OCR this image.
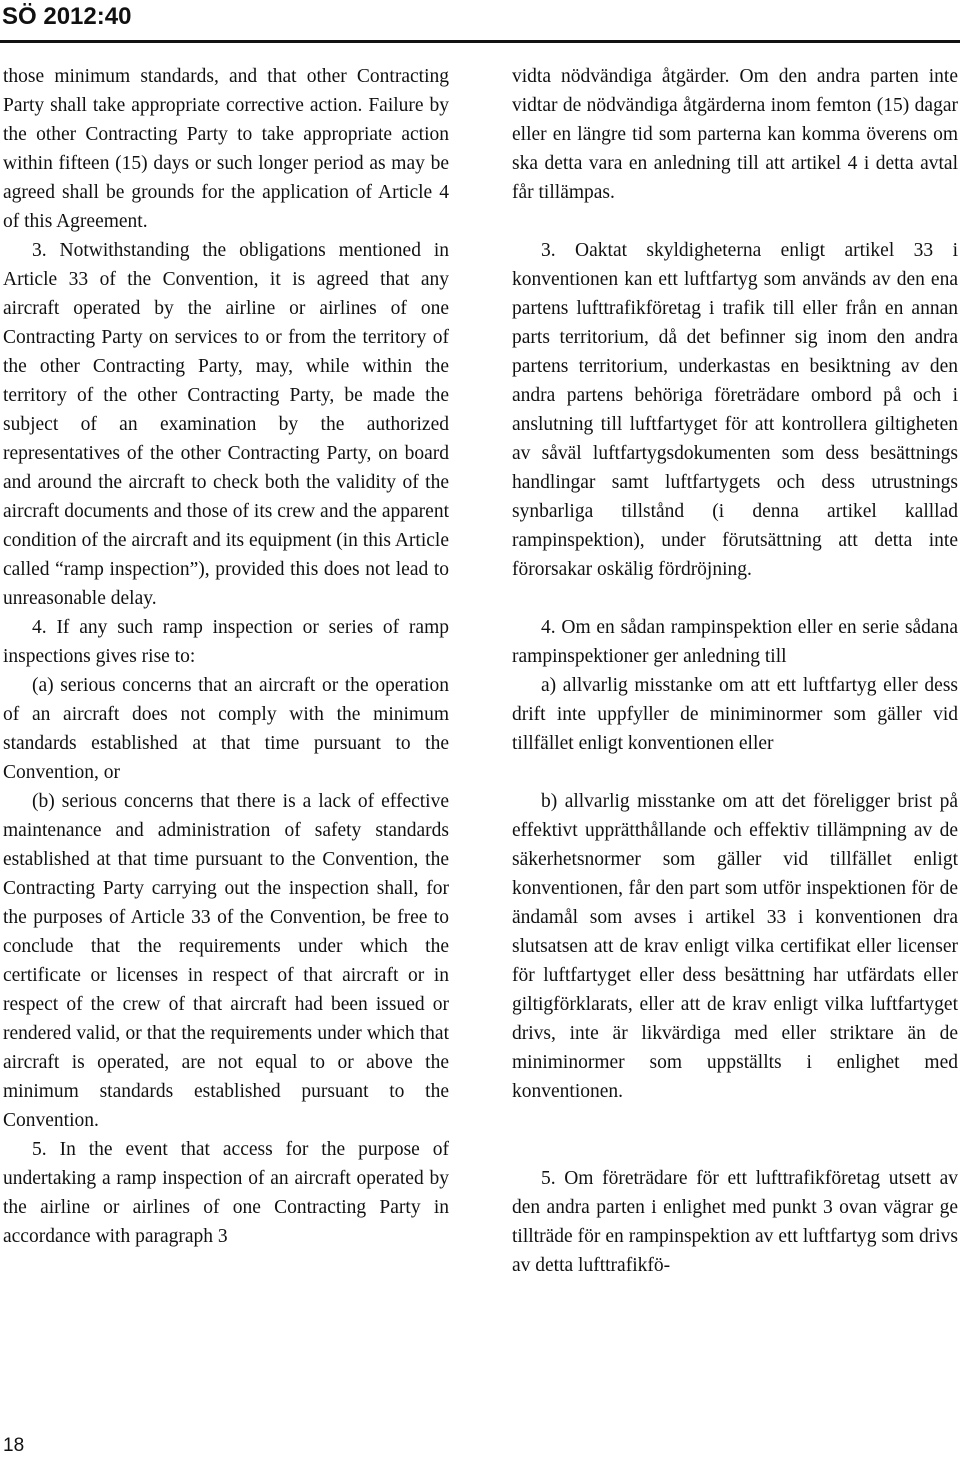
SÖ 2012:40

those minimum standards, and that other Contracting Party shall take appropriate corrective action. Failure by the other Contracting Party to take appropriate action within fifteen (15) days or such longer period as may be agreed shall be grounds for the application of Article 4 of this Agreement.

3. Notwithstanding the obligations mentioned in Article 33 of the Convention, it is agreed that any aircraft operated by the airline or airlines of one Contracting Party on services to or from the territory of the other Contracting Party, may, while within the territory of the other Contracting Party, be made the subject of an examination by the authorized representatives of the other Contracting Party, on board and around the aircraft to check both the validity of the aircraft documents and those of its crew and the apparent condition of the aircraft and its equipment (in this Article called “ramp inspection”), provided this does not lead to unreasonable delay.

4. If any such ramp inspection or series of ramp inspections gives rise to:

(a) serious concerns that an aircraft or the operation of an aircraft does not comply with the minimum standards established at that time pursuant to the Convention, or

(b) serious concerns that there is a lack of effective maintenance and administration of safety standards established at that time pursuant to the Convention, the Contracting Party carrying out the inspection shall, for the purposes of Article 33 of the Convention, be free to conclude that the requirements under which the certificate or licenses in respect of that aircraft or in respect of the crew of that aircraft had been issued or rendered valid, or that the requirements under which that aircraft is operated, are not equal to or above the minimum standards established pursuant to the Convention.

5. In the event that access for the purpose of undertaking a ramp inspection of an aircraft operated by the airline or airlines of one Contracting Party in accordance with paragraph 3

vidta nödvändiga åtgärder. Om den andra parten inte vidtar de nödvändiga åtgärderna inom femton (15) dagar eller en längre tid som parterna kan komma överens om ska detta vara en anledning till att artikel 4 i detta avtal får tillämpas.

3. Oaktat skyldigheterna enligt artikel 33 i konventionen kan ett luftfartyg som används av den ena partens lufttrafikföretag i trafik till eller från en annan parts territorium, då det befinner sig inom den andra partens territorium, underkastas en besiktning av den andra partens behöriga företrädare ombord på och i anslutning till luftfartyget för att kontrollera giltigheten av såväl luftfartygsdokumenten som dess besättnings handlingar samt luftfartygets och dess utrustnings synbarliga tillstånd (i denna artikel kalllad rampinspektion), under förutsättning att detta inte förorsakar oskälig fördröjning.

4. Om en sådan rampinspektion eller en serie sådana rampinspektioner ger anledning till

a) allvarlig misstanke om att ett luftfartyg eller dess drift inte uppfyller de miniminormer som gäller vid tillfället enligt konventionen eller

b) allvarlig misstanke om att det föreligger brist på effektivt upprätthållande och effektiv tillämpning av de säkerhetsnormer som gäller vid tillfället enligt konventionen, får den part som utför inspektionen för de ändamål som avses i artikel 33 i konventionen dra slutsatsen att de krav enligt vilka certifikat eller licenser för luftfartyget eller dess besättning har utfärdats eller giltigförklarats, eller att de krav enligt vilka luftfartyget drivs, inte är likvärdiga med eller striktare än de miniminormer som uppställts i enlighet med konventionen.

5. Om företrädare för ett lufttrafikföretag utsett av den andra parten i enlighet med punkt 3 ovan vägrar ge tillträde för en rampinspektion av ett luftfartyg som drivs av detta lufttrafikfö-

18
